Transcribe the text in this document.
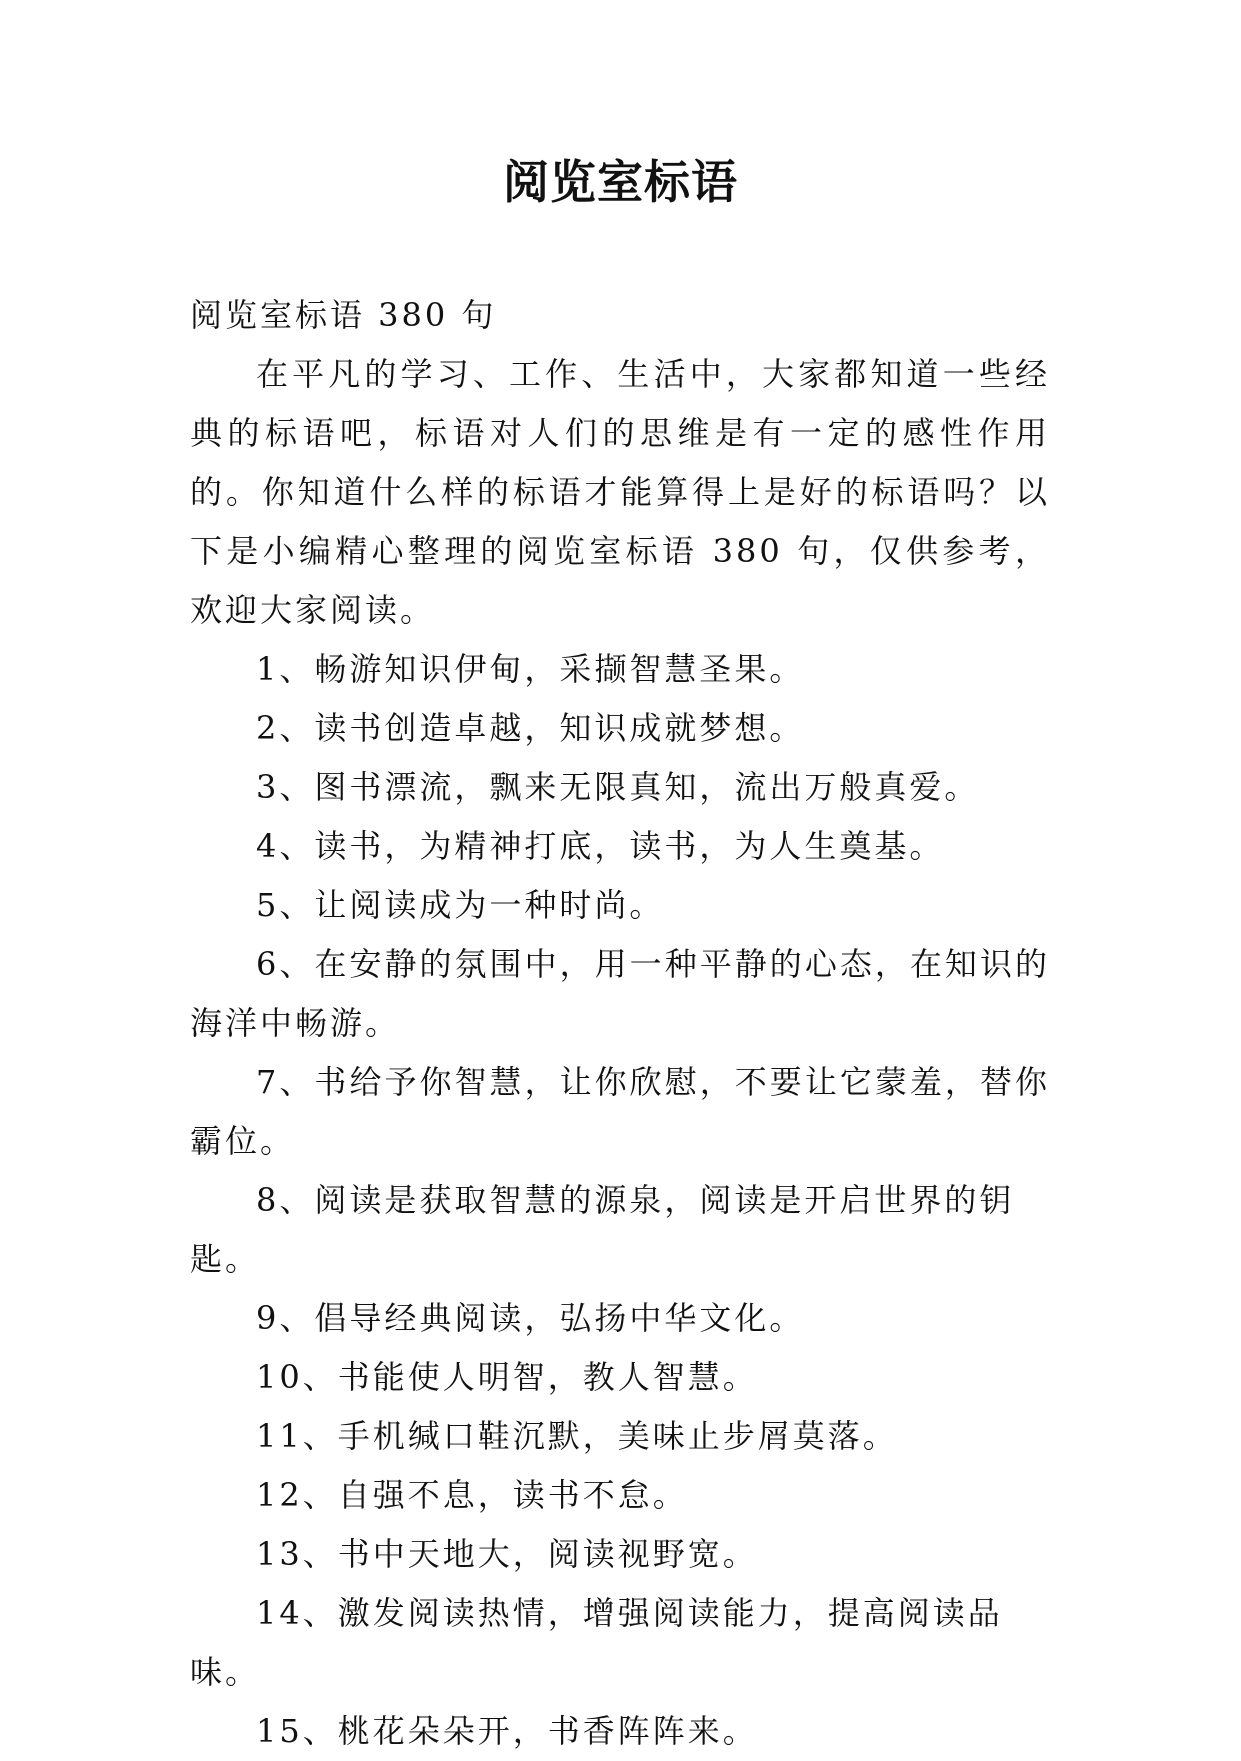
阅览室标语

阅览室标语 380 句

在平凡的学习、工作、生活中，大家都知道一些经典的标语吧，标语对人们的思维是有一定的感性作用的。你知道什么样的标语才能算得上是好的标语吗？以下是小编精心整理的阅览室标语 380 句，仅供参考，欢迎大家阅读。

1、畅游知识伊甸，采撷智慧圣果。

2、读书创造卓越，知识成就梦想。

3、图书漂流，飘来无限真知，流出万般真爱。

4、读书，为精神打底，读书，为人生奠基。

5、让阅读成为一种时尚。

6、在安静的氛围中，用一种平静的心态，在知识的海洋中畅游。

7、书给予你智慧，让你欣慰，不要让它蒙羞，替你霸位。

8、阅读是获取智慧的源泉，阅读是开启世界的钥匙。

9、倡导经典阅读，弘扬中华文化。

10、书能使人明智，教人智慧。

11、手机缄口鞋沉默，美味止步屑莫落。

12、自强不息，读书不怠。

13、书中天地大，阅读视野宽。

14、激发阅读热情，增强阅读能力，提高阅读品味。

15、桃花朵朵开，书香阵阵来。
